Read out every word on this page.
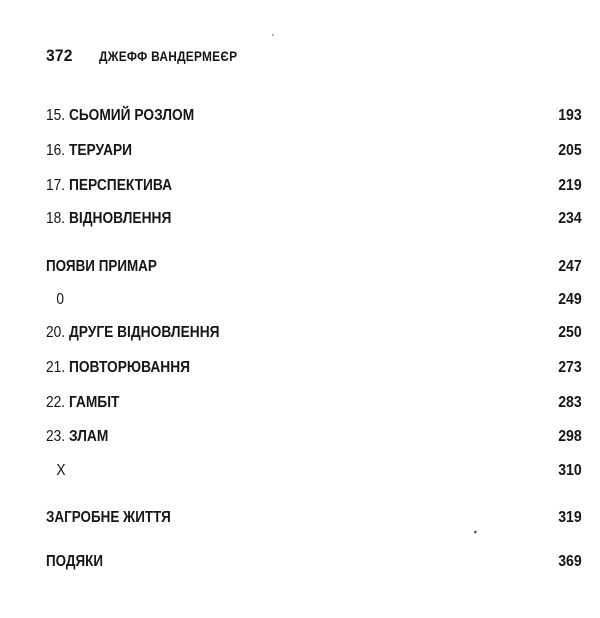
372 ДЖЕФФ ВАНДЕРМЕЄР
15. СЬОМИЙ РОЗЛОМ	193
16. ТЕРУАРИ	205
17. ПЕРСПЕКТИВА	219
18. ВІДНОВЛЕННЯ	234
ПОЯВИ ПРИМАР	247
0	249
20. ДРУГЕ ВІДНОВЛЕННЯ	250
21. ПОВТОРЮВАННЯ	273
22. ГАМБІТ	283
23. ЗЛАМ	298
Х	310
ЗАГРОБНЕ ЖИТТЯ	319
ПОДЯКИ	369
